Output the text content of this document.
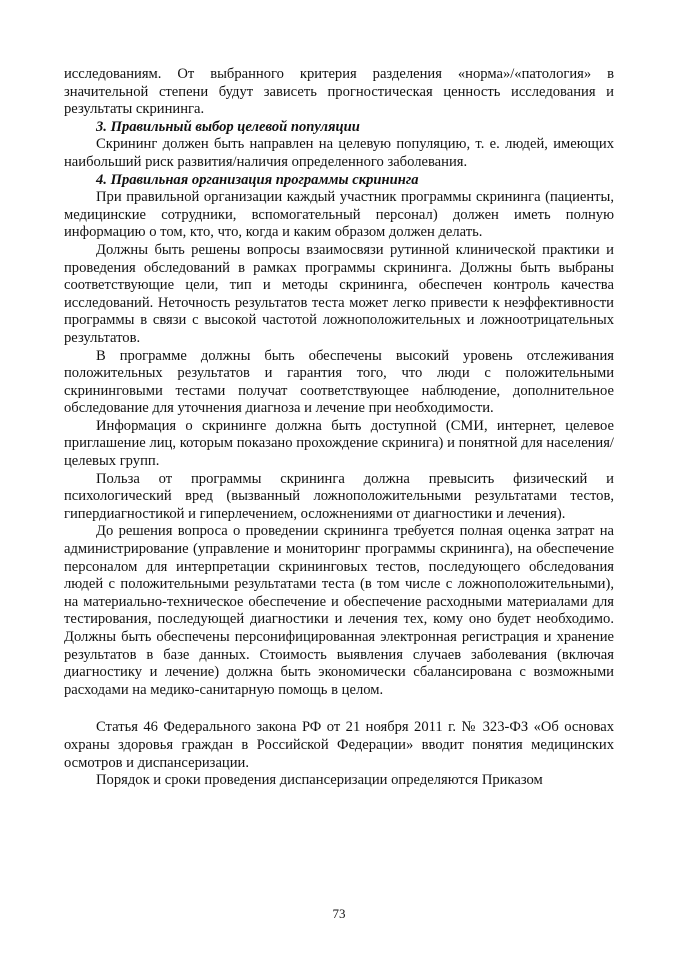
исследованиям. От выбранного критерия разделения «норма»/«патология» в значительной степени будут зависеть прогностическая ценность исследования и результаты скрининга.

3. Правильный выбор целевой популяции

Скрининг должен быть направлен на целевую популяцию, т. е. людей, имеющих наибольший риск развития/наличия определенного заболевания.

4. Правильная организация программы скрининга

При правильной организации каждый участник программы скрининга (пациенты, медицинские сотрудники, вспомогательный персонал) должен иметь полную информацию о том, кто, что, когда и каким образом должен делать.

Должны быть решены вопросы взаимосвязи рутинной клинической практики и проведения обследований в рамках программы скрининга. Должны быть выбраны соответствующие цели, тип и методы скрининга, обеспечен контроль качества исследований. Неточность результатов теста может легко привести к неэффективности программы в связи с высокой частотой ложноположительных и ложноотрицательных результатов.

В программе должны быть обеспечены высокий уровень отслеживания положительных результатов и гарантия того, что люди с положительными скрининговыми тестами получат соответствующее наблюдение, дополнительное обследование для уточнения диагноза и лечение при необходимости.

Информация о скрининге должна быть доступной (СМИ, интернет, целевое приглашение лиц, которым показано прохождение скринига) и понятной для населения/целевых групп.

Польза от программы скрининга должна превысить физический и психологический вред (вызванный ложноположительными результатами тестов, гипердиагностикой и гиперлечением, осложнениями от диагностики и лечения).

До решения вопроса о проведении скрининга требуется полная оценка затрат на администрирование (управление и мониторинг программы скрининга), на обеспечение персоналом для интерпретации скрининговых тестов, последующего обследования людей с положительными результатами теста (в том числе с ложноположительными), на материально-техническое обеспечение и обеспечение расходными материалами для тестирования, последующей диагностики и лечения тех, кому оно будет необходимо. Должны быть обеспечены персонифицированная электронная регистрация и хранение результатов в базе данных. Стоимость выявления случаев заболевания (включая диагностику и лечение) должна быть экономически сбалансирована с возможными расходами на медико-санитарную помощь в целом.

Статья 46 Федерального закона РФ от 21 ноября 2011 г. № 323-ФЗ «Об основах охраны здоровья граждан в Российской Федерации» вводит понятия медицинских осмотров и диспансеризации.

Порядок и сроки проведения диспансеризации определяются Приказом

73
